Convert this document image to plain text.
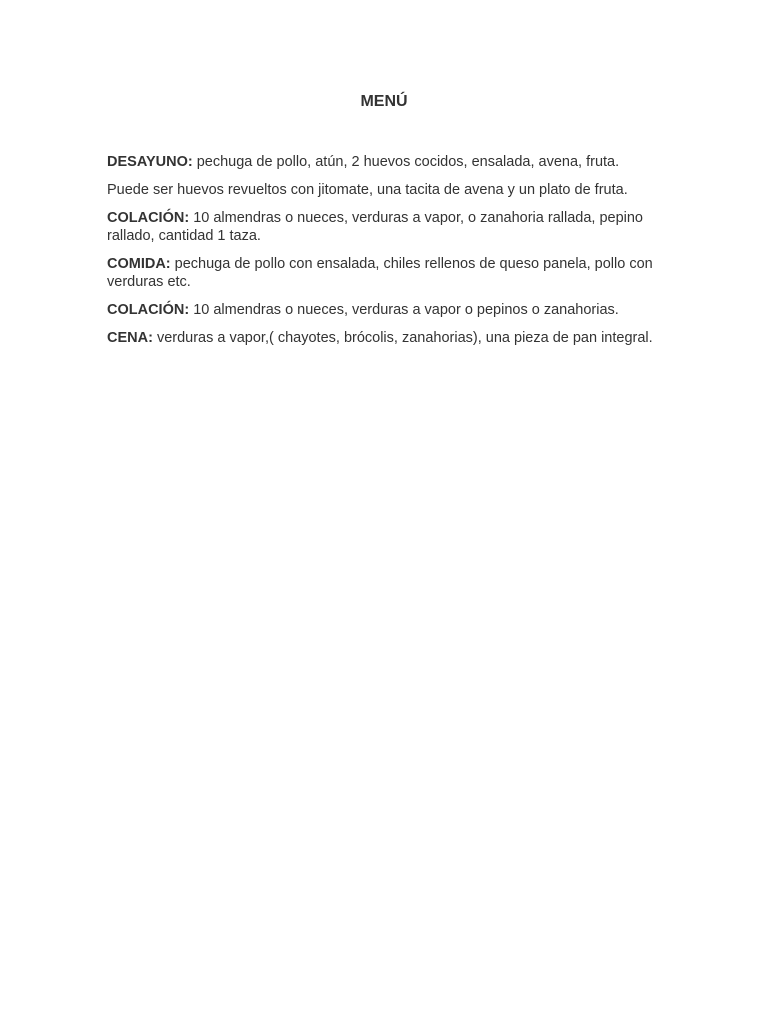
MENÚ

DESAYUNO: pechuga de pollo, atún, 2 huevos cocidos, ensalada, avena, fruta.

Puede ser huevos revueltos con jitomate, una tacita de avena y un plato de fruta.

COLACIÓN: 10 almendras o nueces, verduras a vapor, o zanahoria rallada, pepino rallado, cantidad 1 taza.

COMIDA: pechuga de pollo con ensalada, chiles rellenos de queso panela, pollo con verduras etc.

COLACIÓN: 10 almendras o nueces, verduras a vapor o pepinos o zanahorias.

CENA: verduras a vapor,( chayotes, brócolis, zanahorias), una pieza de pan integral.
